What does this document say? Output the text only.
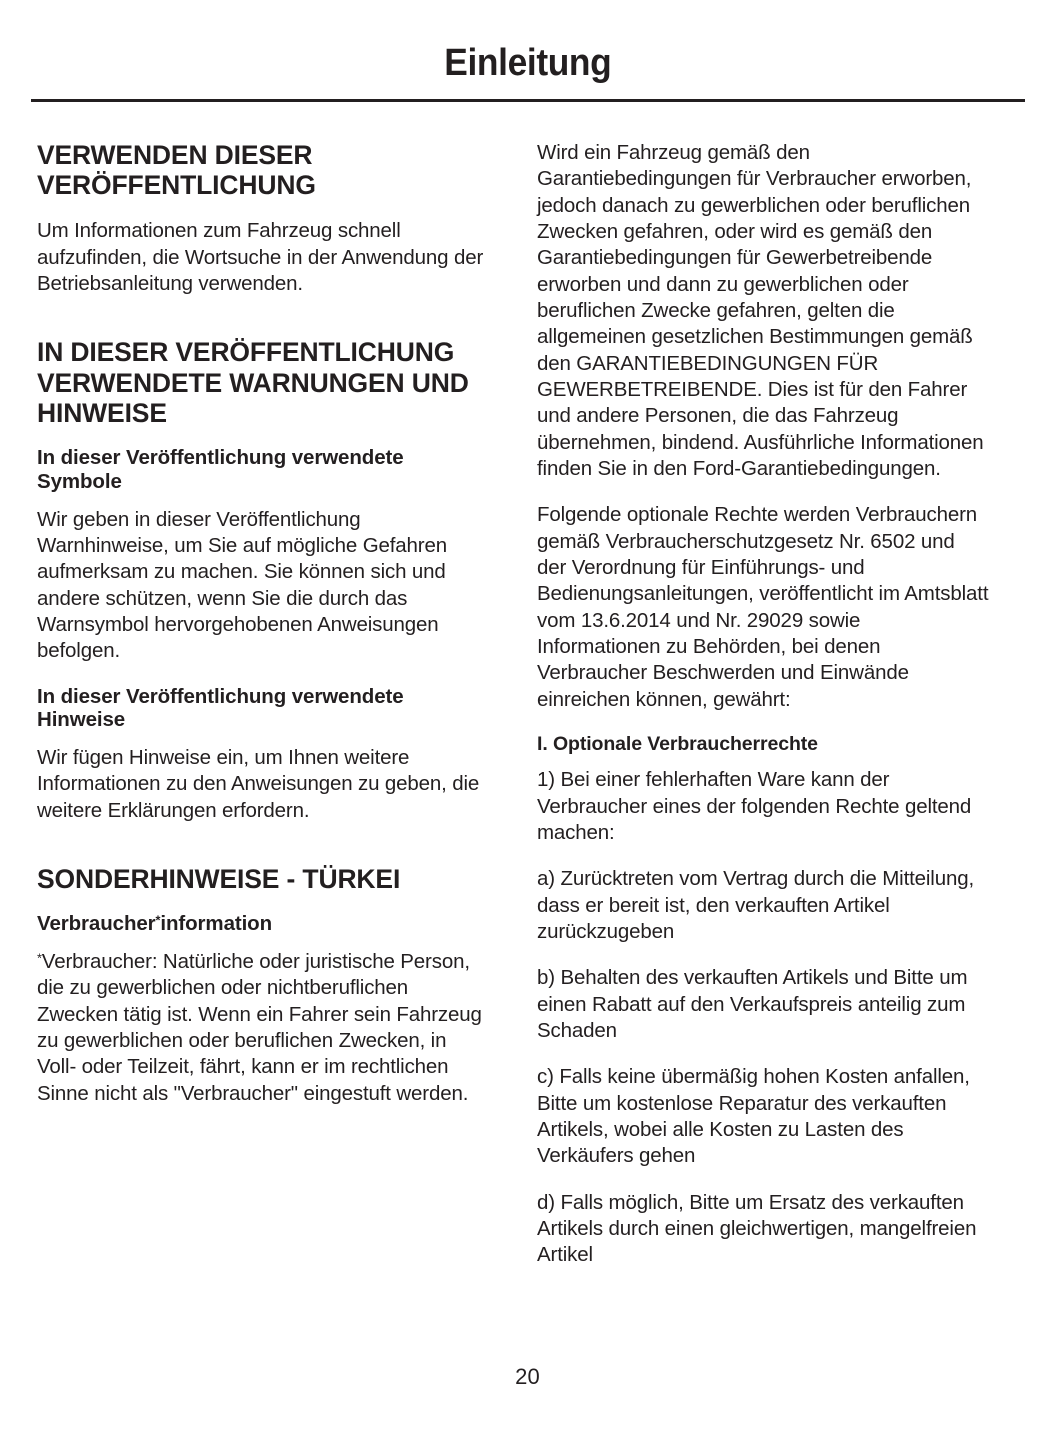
Einleitung
VERWENDEN DIESER VERÖFFENTLICHUNG

Um Informationen zum Fahrzeug schnell aufzufinden, die Wortsuche in der Anwendung der Betriebsanleitung verwenden.

IN DIESER VERÖFFENTLICHUNG VERWENDETE WARNUNGEN UND HINWEISE
In dieser Veröffentlichung verwendete Symbole

Wir geben in dieser Veröffentlichung Warnhinweise, um Sie auf mögliche Gefahren aufmerksam zu machen. Sie können sich und andere schützen, wenn Sie die durch das Warnsymbol hervorgehobenen Anweisungen befolgen.

In dieser Veröffentlichung verwendete Hinweise

Wir fügen Hinweise ein, um Ihnen weitere Informationen zu den Anweisungen zu geben, die weitere Erklärungen erfordern.

SONDERHINWEISE - TÜRKEI
Verbraucher*information

*Verbraucher: Natürliche oder juristische Person, die zu gewerblichen oder nichtberuflichen Zwecken tätig ist. Wenn ein Fahrer sein Fahrzeug zu gewerblichen oder beruflichen Zwecken, in Voll- oder Teilzeit, fährt, kann er im rechtlichen Sinne nicht als "Verbraucher" eingestuft werden.

Wird ein Fahrzeug gemäß den Garantiebedingungen für Verbraucher erworben, jedoch danach zu gewerblichen oder beruflichen Zwecken gefahren, oder wird es gemäß den Garantiebedingungen für Gewerbetreibende erworben und dann zu gewerblichen oder beruflichen Zwecke gefahren, gelten die allgemeinen gesetzlichen Bestimmungen gemäß den GARANTIEBEDINGUNGEN FÜR GEWERBETREIBENDE. Dies ist für den Fahrer und andere Personen, die das Fahrzeug übernehmen, bindend. Ausführliche Informationen finden Sie in den Ford-Garantiebedingungen.

Folgende optionale Rechte werden Verbrauchern gemäß Verbraucherschutzgesetz Nr. 6502 und der Verordnung für Einführungs- und Bedienungsanleitungen, veröffentlicht im Amtsblatt vom 13.6.2014 und Nr. 29029 sowie Informationen zu Behörden, bei denen Verbraucher Beschwerden und Einwände einreichen können, gewährt:

I. Optionale Verbraucherrechte

1) Bei einer fehlerhaften Ware kann der Verbraucher eines der folgenden Rechte geltend machen:

a) Zurücktreten vom Vertrag durch die Mitteilung, dass er bereit ist, den verkauften Artikel zurückzugeben

b) Behalten des verkauften Artikels und Bitte um einen Rabatt auf den Verkaufspreis anteilig zum Schaden

c) Falls keine übermäßig hohen Kosten anfallen, Bitte um kostenlose Reparatur des verkauften Artikels, wobei alle Kosten zu Lasten des Verkäufers gehen

d) Falls möglich, Bitte um Ersatz des verkauften Artikels durch einen gleichwertigen, mangelfreien Artikel

20
